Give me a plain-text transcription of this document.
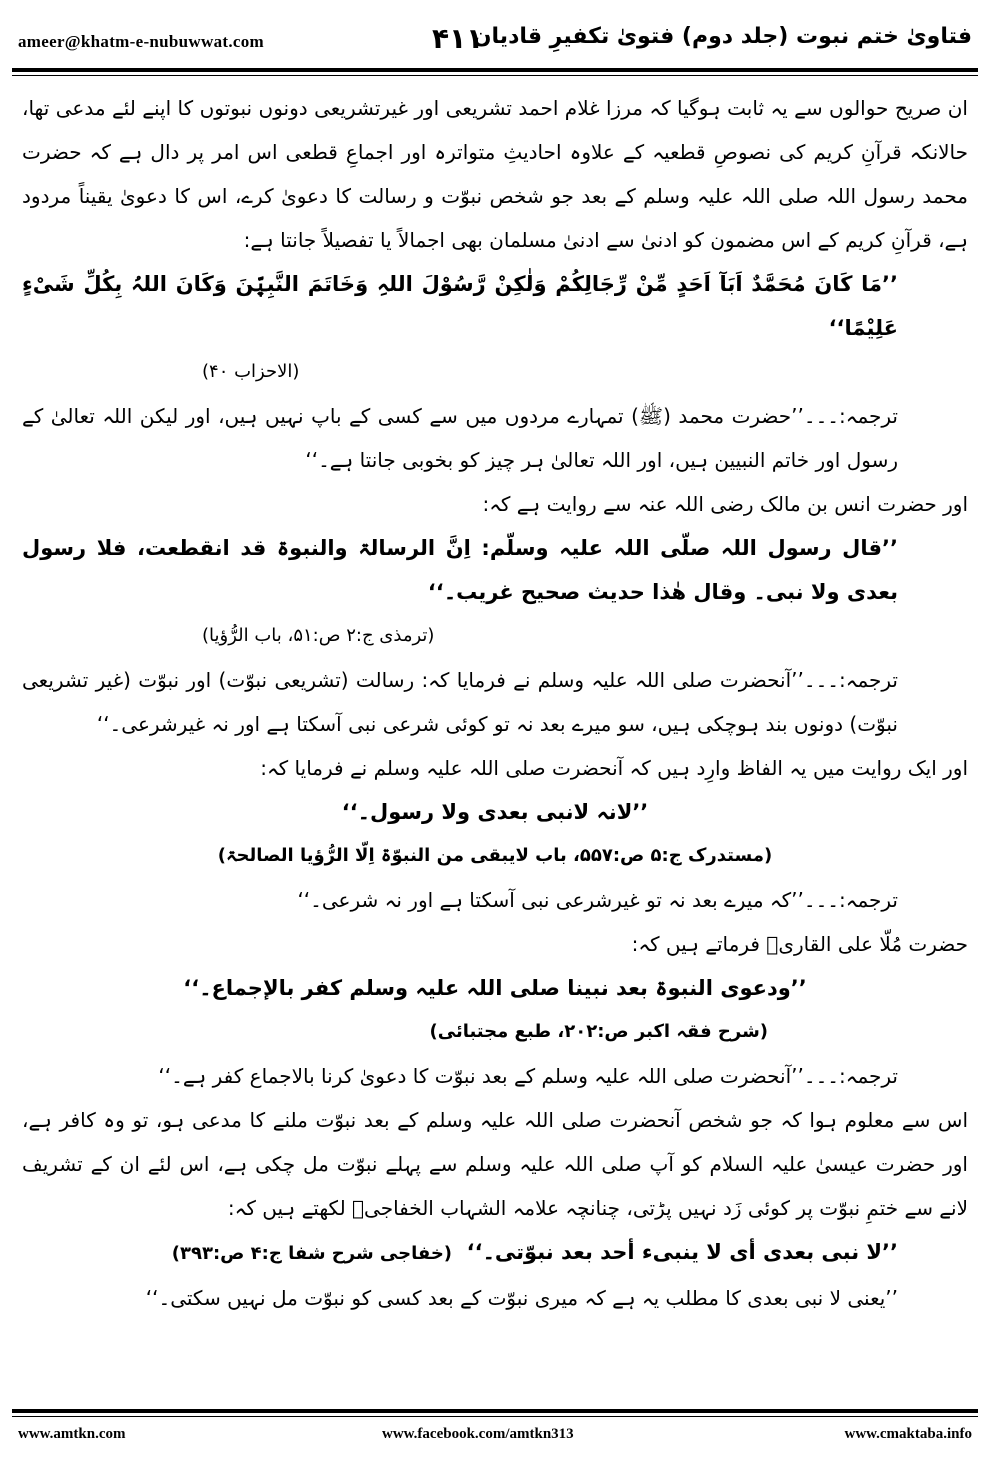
ameer@khatm-e-nubuwwat.com	۴۱۱
فتاویٰ ختم نبوت (جلد دوم) فتویٰ تکفیرِ قادیان

ان صریح حوالوں سے یہ ثابت ہوگیا کہ مرزا غلام احمد تشریعی اور غیرتشریعی دونوں نبوتوں کا اپنے لئے مدعی تھا، حالانکہ قرآنِ کریم کی نصوصِ قطعیہ کے علاوہ احادیثِ متواترہ اور اجماعِ قطعی اس امر پر دال ہے کہ حضرت محمد رسول اللہ صلی اللہ علیہ وسلم کے بعد جو شخص نبوّت و رسالت کا دعویٰ کرے، اس کا دعویٰ یقیناً مردود ہے، قرآنِ کریم کے اس مضمون کو ادنیٰ سے ادنیٰ مسلمان بھی اجمالاً یا تفصیلاً جانتا ہے:

’’مَا کَانَ مُحَمَّدٌ اَبَآ اَحَدٍ مِّنْ رِّجَالِکُمْ وَلٰکِنْ رَّسُوْلَ اللہِ وَخَاتَمَ النَّبِیّٖنَ وَکَانَ اللہُ بِکُلِّ شَیْءٍ عَلِیْمًا‘‘

(الاحزاب ۴۰)

ترجمہ:۔۔۔’’حضرت محمد (ﷺ) تمہارے مردوں میں سے کسی کے باپ نہیں ہیں، اور لیکن اللہ تعالیٰ کے رسول اور خاتم النبیین ہیں، اور اللہ تعالیٰ ہر چیز کو بخوبی جانتا ہے۔‘‘

اور حضرت انس بن مالک رضی اللہ عنہ سے روایت ہے کہ:

’’قال رسول اللہ صلّی اللہ علیہ وسلّم: اِنَّ الرسالۃ والنبوۃ قد انقطعت، فلا رسول بعدی ولا نبی۔ وقال ھٰذا حدیث صحیح غریب۔‘‘

(ترمذی ج:۲ ص:۵۱، باب الرُّؤیا)

ترجمہ:۔۔۔’’آنحضرت صلی اللہ علیہ وسلم نے فرمایا کہ: رسالت (تشریعی نبوّت) اور نبوّت (غیر تشریعی نبوّت) دونوں بند ہوچکی ہیں، سو میرے بعد نہ تو کوئی شرعی نبی آسکتا ہے اور نہ غیرشرعی۔‘‘

اور ایک روایت میں یہ الفاظ وارِد ہیں کہ آنحضرت صلی اللہ علیہ وسلم نے فرمایا کہ:

’’لانہ لانبی بعدی ولا رسول۔‘‘

(مستدرک ج:۵ ص:۵۵۷، باب لایبقی من النبوّۃ اِلّا الرُّؤیا الصالحۃ)

ترجمہ:۔۔۔’’کہ میرے بعد نہ تو غیرشرعی نبی آسکتا ہے اور نہ شرعی۔‘‘

حضرت مُلّا علی القاریؒ فرماتے ہیں کہ:

’’ودعوی النبوۃ بعد نبینا صلی اللہ علیہ وسلم کفر بالإجماع۔‘‘

(شرح فقہ اکبر ص:۲۰۲، طبع مجتبائی)

ترجمہ:۔۔۔’’آنحضرت صلی اللہ علیہ وسلم کے بعد نبوّت کا دعویٰ کرنا بالاجماع کفر ہے۔‘‘

اس سے معلوم ہوا کہ جو شخص آنحضرت صلی اللہ علیہ وسلم کے بعد نبوّت ملنے کا مدعی ہو، تو وہ کافر ہے، اور حضرت عیسیٰ علیہ السلام کو آپ صلی اللہ علیہ وسلم سے پہلے نبوّت مل چکی ہے، اس لئے ان کے تشریف لانے سے ختمِ نبوّت پر کوئی زَد نہیں پڑتی، چنانچہ علامہ الشہاب الخفاجیؒ لکھتے ہیں کہ:

’’لا نبی بعدی أی لا ینبیء أحد بعد نبوّتی۔‘‘  (خفاجی شرح شفا ج:۴ ص:۳۹۳)

’’یعنی لا نبی بعدی کا مطلب یہ ہے کہ میری نبوّت کے بعد کسی کو نبوّت مل نہیں سکتی۔‘‘

www.amtkn.com	www.facebook.com/amtkn313	www.cmaktaba.info
